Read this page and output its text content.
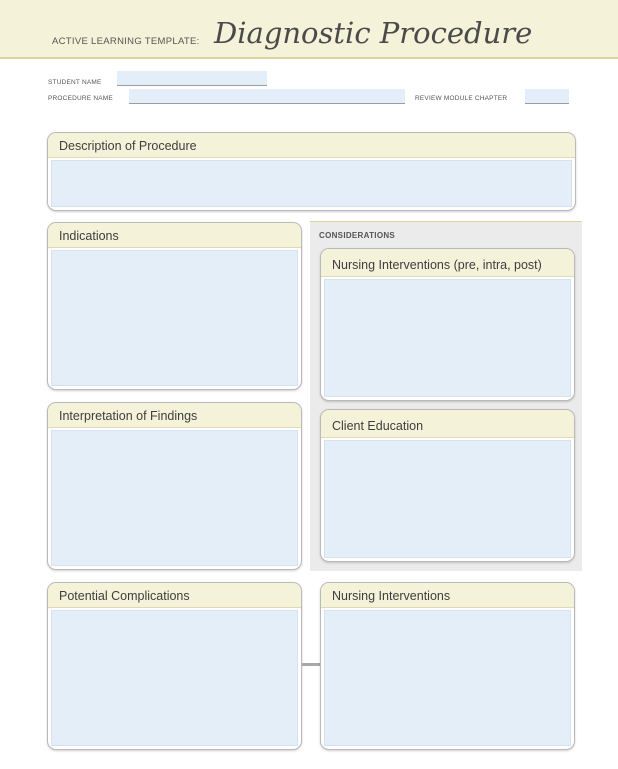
ACTIVE LEARNING TEMPLATE: Diagnostic Procedure
STUDENT NAME
PROCEDURE NAME	REVIEW MODULE CHAPTER
Description of Procedure
CONSIDERATIONS
Indications
Nursing Interventions (pre, intra, post)
Interpretation of Findings
Client Education
Potential Complications	Nursing Interventions
